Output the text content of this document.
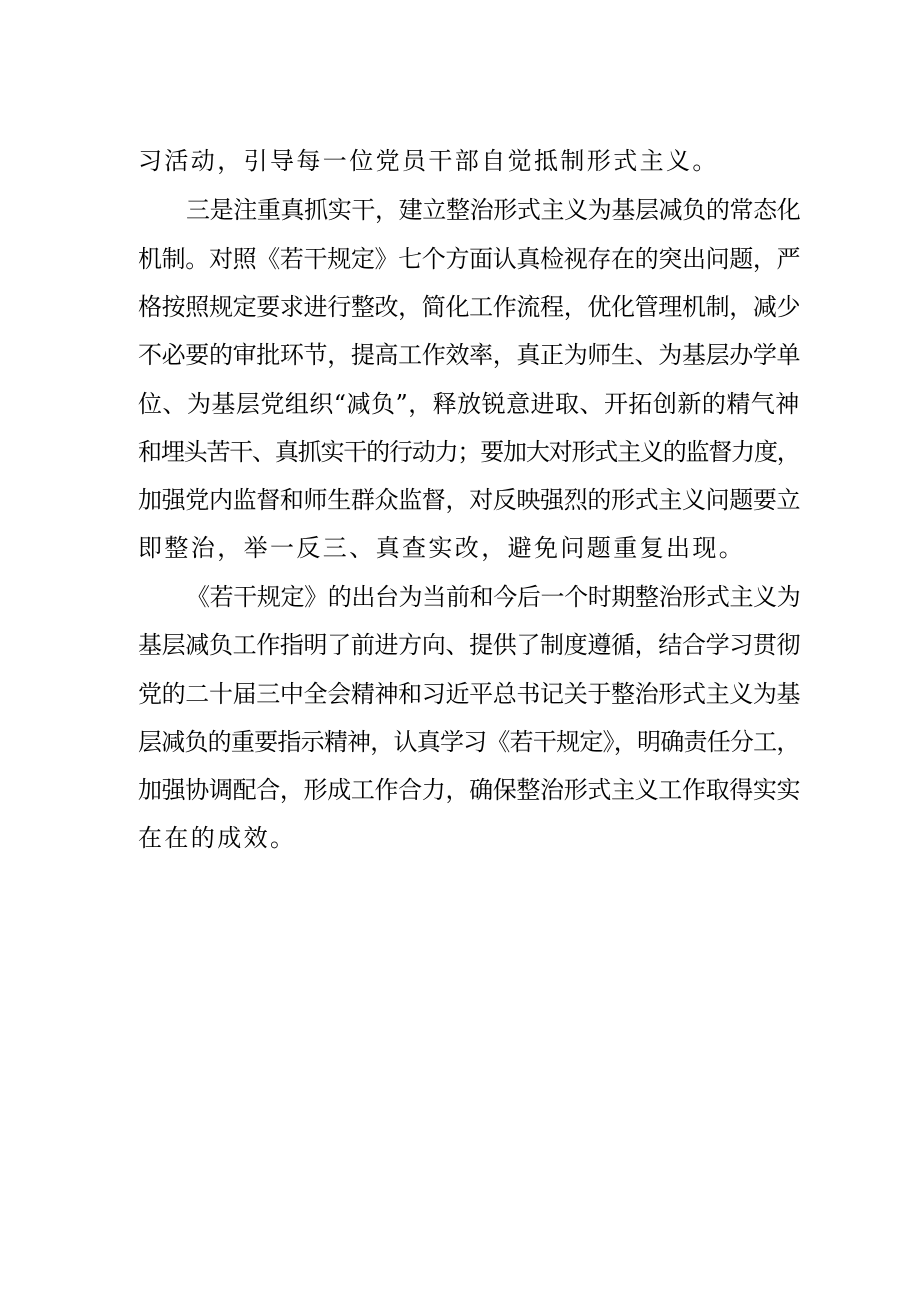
习活动，引导每一位党员干部自觉抵制形式主义。
三是注重真抓实干，建立整治形式主义为基层减负的常态化
机制。对照《若干规定》七个方面认真检视存在的突出问题，严
格按照规定要求进行整改，简化工作流程，优化管理机制，减少
不必要的审批环节，提高工作效率，真正为师生、为基层办学单
位、为基层党组织“减负”，释放锐意进取、开拓创新的精气神
和埋头苦干、真抓实干的行动力；要加大对形式主义的监督力度，
加强党内监督和师生群众监督，对反映强烈的形式主义问题要立
即整治，举一反三、真查实改，避免问题重复出现。
《若干规定》的出台为当前和今后一个时期整治形式主义为
基层减负工作指明了前进方向、提供了制度遵循，结合学习贯彻
党的二十届三中全会精神和习近平总书记关于整治形式主义为基
层减负的重要指示精神，认真学习《若干规定》，明确责任分工，
加强协调配合，形成工作合力，确保整治形式主义工作取得实实
在在的成效。
